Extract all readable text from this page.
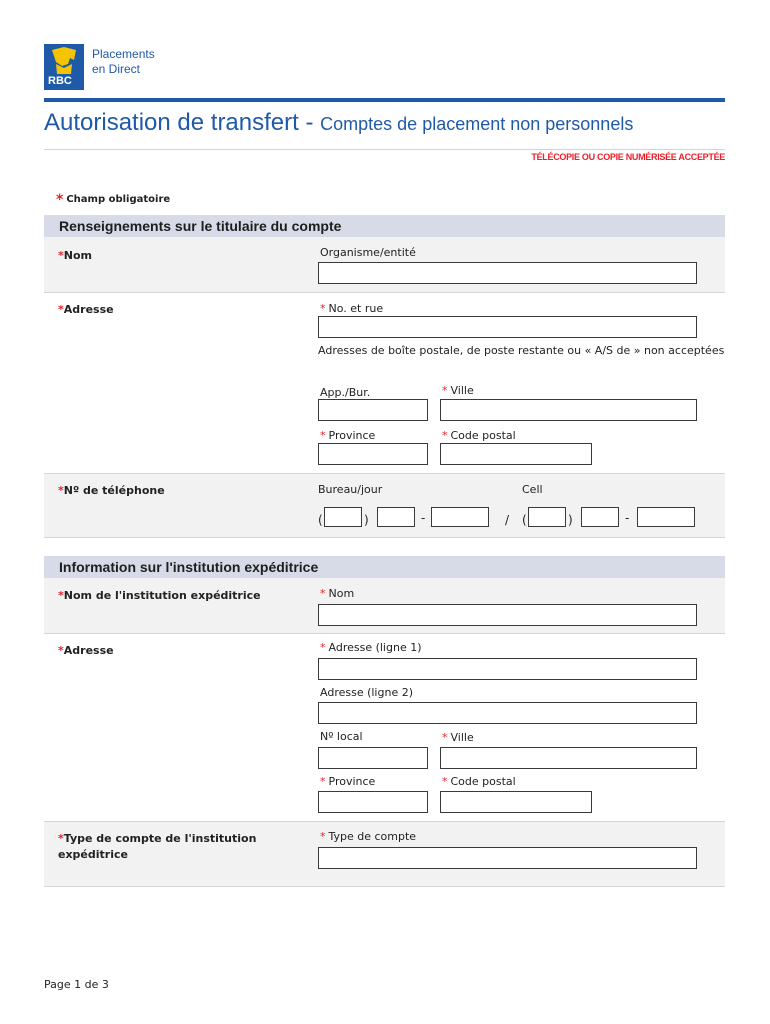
RBC
Placements
en Direct
Autorisation de transfert - Comptes de placement non personnels
TÉLÉCOPIE OU COPIE NUMÉRISÉE ACCEPTÉE
* Champ obligatoire
Renseignements sur le titulaire du compte
*Nom	Organisme/entité
*Adresse	* No. et rue
Adresses de boîte postale, de poste restante ou « A/S de » non acceptées
App./Bur.	* Ville
* Province	* Code postal
*Nº de téléphone	Bureau/jour	Cell
(	)	-	/ (	)	-
Information sur l'institution expéditrice
*Nom de l'institution expéditrice	* Nom
*Adresse	* Adresse (ligne 1)
Adresse (ligne 2)
Nº local	* Ville
* Province	* Code postal
*Type de compte de l'institution
expéditrice
* Type de compte
Page 1 de 3
